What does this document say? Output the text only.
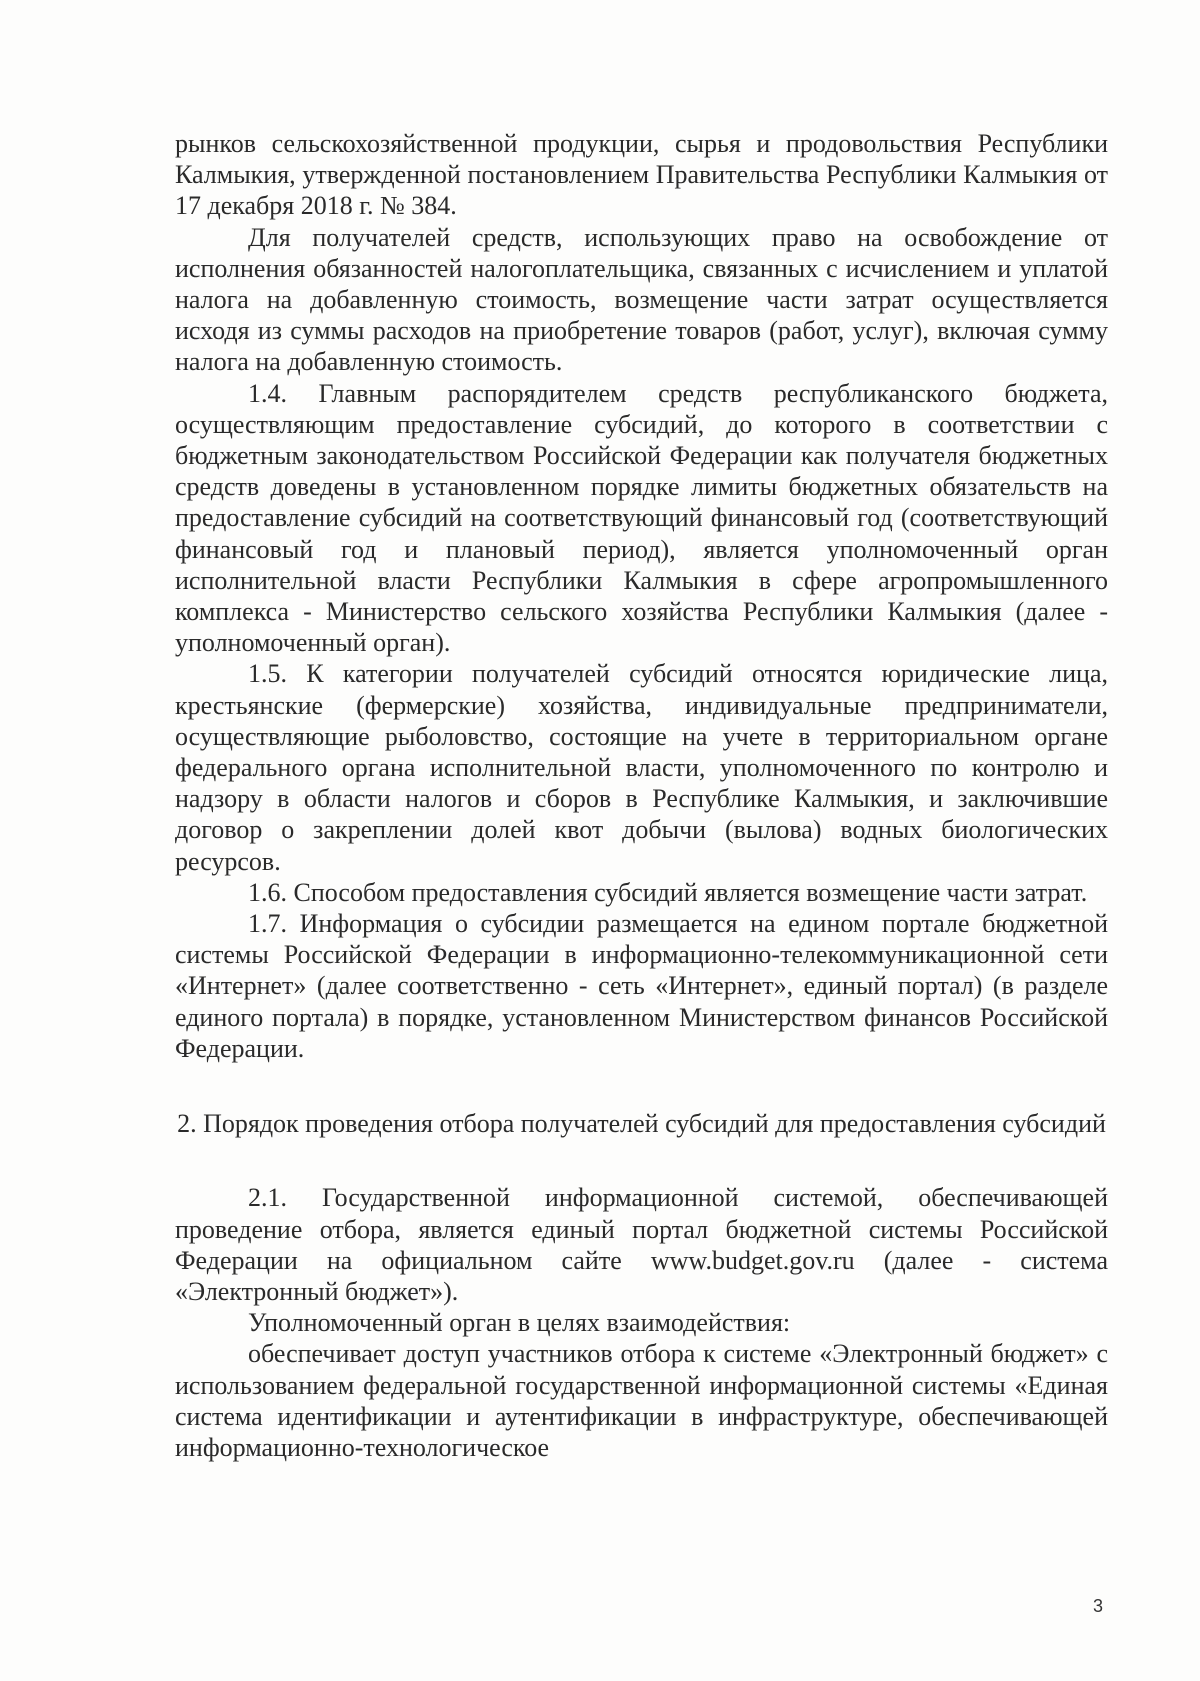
рынков сельскохозяйственной продукции, сырья и продовольствия Республики Калмыкия, утвержденной постановлением Правительства Республики Калмыкия от 17 декабря 2018 г. № 384.

Для получателей средств, использующих право на освобождение от исполнения обязанностей налогоплательщика, связанных с исчислением и уплатой налога на добавленную стоимость, возмещение части затрат осуществляется исходя из суммы расходов на приобретение товаров (работ, услуг), включая сумму налога на добавленную стоимость.

1.4. Главным распорядителем средств республиканского бюджета, осуществляющим предоставление субсидий, до которого в соответствии с бюджетным законодательством Российской Федерации как получателя бюджетных средств доведены в установленном порядке лимиты бюджетных обязательств на предоставление субсидий на соответствующий финансовый год (соответствующий финансовый год и плановый период), является уполномоченный орган исполнительной власти Республики Калмыкия в сфере агропромышленного комплекса - Министерство сельского хозяйства Республики Калмыкия (далее - уполномоченный орган).

1.5. К категории получателей субсидий относятся юридические лица, крестьянские (фермерские) хозяйства, индивидуальные предприниматели, осуществляющие рыболовство, состоящие на учете в территориальном органе федерального органа исполнительной власти, уполномоченного по контролю и надзору в области налогов и сборов в Республике Калмыкия, и заключившие договор о закреплении долей квот добычи (вылова) водных биологических ресурсов.

1.6. Способом предоставления субсидий является возмещение части затрат.

1.7. Информация о субсидии размещается на едином портале бюджетной системы Российской Федерации в информационно-телекоммуникационной сети «Интернет» (далее соответственно - сеть «Интернет», единый портал) (в разделе единого портала) в порядке, установленном Министерством финансов Российской Федерации.

2. Порядок проведения отбора получателей субсидий для предоставления субсидий

2.1. Государственной информационной системой, обеспечивающей проведение отбора, является единый портал бюджетной системы Российской Федерации на официальном сайте www.budget.gov.ru (далее - система «Электронный бюджет»).

Уполномоченный орган в целях взаимодействия:

обеспечивает доступ участников отбора к системе «Электронный бюджет» с использованием федеральной государственной информационной системы «Единая система идентификации и аутентификации в инфраструктуре, обеспечивающей информационно-технологическое

3
